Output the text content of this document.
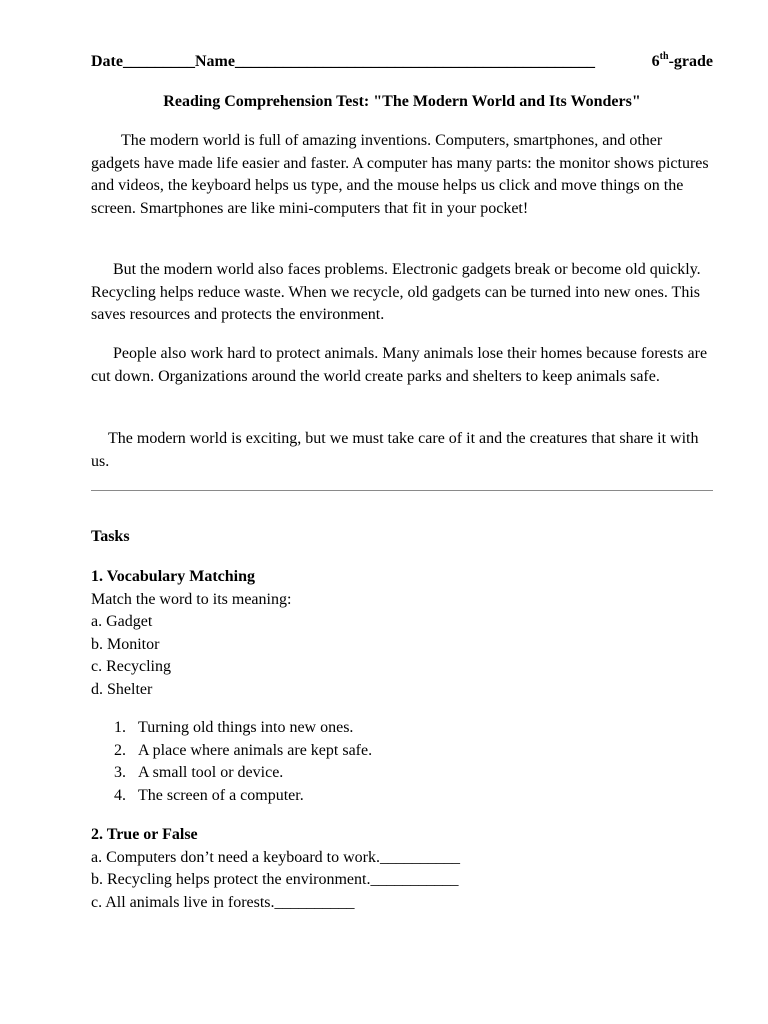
Date_________Name_____________________________________________	6th-grade
Reading Comprehension Test: "The Modern World and Its Wonders"

The modern world is full of amazing inventions. Computers, smartphones, and other gadgets have made life easier and faster. A computer has many parts: the monitor shows pictures and videos, the keyboard helps us type, and the mouse helps us click and move things on the screen. Smartphones are like mini-computers that fit in your pocket!

But the modern world also faces problems. Electronic gadgets break or become old quickly. Recycling helps reduce waste. When we recycle, old gadgets can be turned into new ones. This saves resources and protects the environment.

People also work hard to protect animals. Many animals lose their homes because forests are cut down. Organizations around the world create parks and shelters to keep animals safe.

The modern world is exciting, but we must take care of it and the creatures that share it with us.

Tasks
1. Vocabulary Matching
Match the word to its meaning:
a. Gadget
b. Monitor
c. Recycling
d. Shelter
1. Turning old things into new ones.
2. A place where animals are kept safe.
3. A small tool or device.
4. The screen of a computer.
2. True or False
a. Computers don’t need a keyboard to work.__________
b. Recycling helps protect the environment.___________
c. All animals live in forests.__________
